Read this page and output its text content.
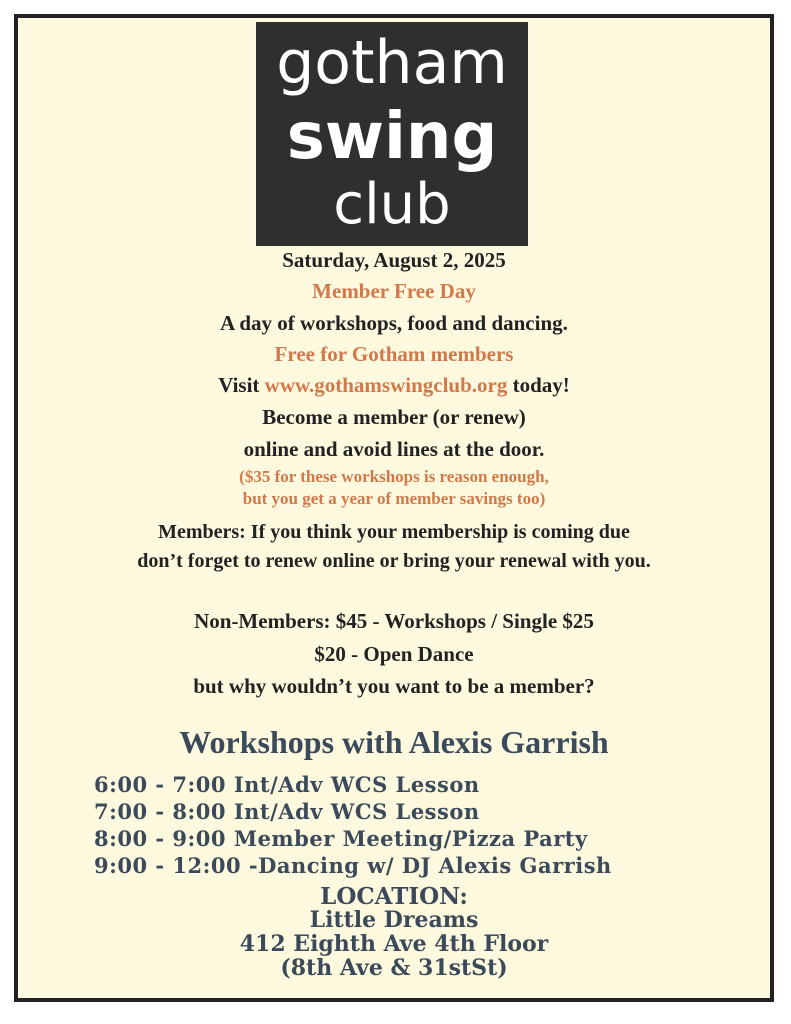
gotham
swing
club
Saturday, August 2, 2025
Member Free Day
A day of workshops, food and dancing.
Free for Gotham members
Visit www.gothamswingclub.org today!
Become a member (or renew)
online and avoid lines at the door.
($35 for these workshops is reason enough,
but you get a year of member savings too)
Members: If you think your membership is coming due
don’t forget to renew online or bring your renewal with you.
Non-Members: $45 - Workshops / Single $25
$20 - Open Dance
but why wouldn’t you want to be a member?
Workshops with Alexis Garrish
6:00 - 7:00 Int/Adv WCS Lesson
7:00 - 8:00 Int/Adv WCS Lesson
8:00 - 9:00 Member Meeting/Pizza Party
9:00 - 12:00 -Dancing w/ DJ Alexis Garrish
LOCATION:
Little Dreams
412 Eighth Ave 4th Floor
(8th Ave & 31stSt)
